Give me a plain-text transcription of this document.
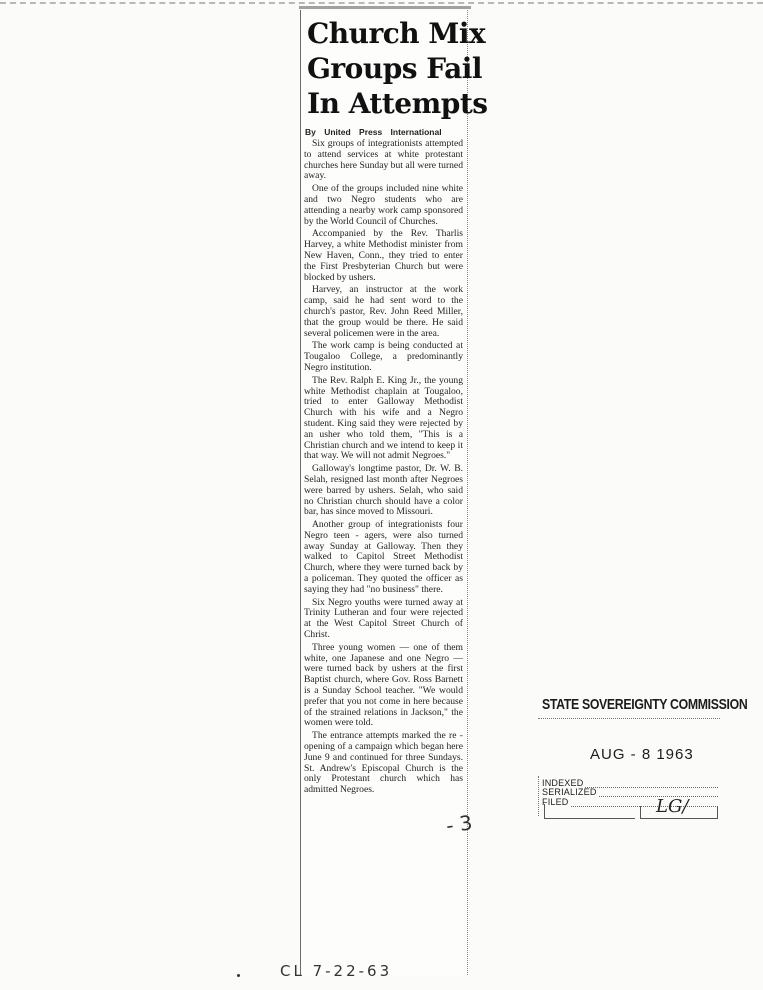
Church Mix
Groups Fail
In Attempts
By United Press International

Six groups of integrationists attempted to attend services at white protestant churches here Sunday but all were turned away.

One of the groups included nine white and two Negro students who are attending a nearby work camp sponsored by the World Council of Churches.

Accompanied by the Rev. Tharlis Harvey, a white Methodist minister from New Haven, Conn., they tried to enter the First Presbyterian Church but were blocked by ushers.

Harvey, an instructor at the work camp, said he had sent word to the church's pastor, Rev. John Reed Miller, that the group would be there. He said several policemen were in the area.

The work camp is being conducted at Tougaloo College, a predominantly Negro institution.

The Rev. Ralph E. King Jr., the young white Methodist chaplain at Tougaloo, tried to enter Galloway Methodist Church with his wife and a Negro student. King said they were rejected by an usher who told them, "This is a Christian church and we intend to keep it that way. We will not admit Negroes."

Galloway's longtime pastor, Dr. W. B. Selah, resigned last month after Negroes were barred by ushers. Selah, who said no Christian church should have a color bar, has since moved to Missouri.

Another group of integrationists four Negro teen - agers, were also turned away Sunday at Galloway. Then they walked to Capitol Street Methodist Church, where they were turned back by a policeman. They quoted the officer as saying they had "no business" there.

Six Negro youths were turned away at Trinity Lutheran and four were rejected at the West Capitol Street Church of Christ.

Three young women — one of them white, one Japanese and one Negro — were turned back by ushers at the first Baptist church, where Gov. Ross Barnett is a Sunday School teacher. "We would prefer that you not come in here because of the strained relations in Jackson," the women were told.

The entrance attempts marked the re - opening of a campaign which began here June 9 and continued for three Sundays. St. Andrew's Episcopal Church is the only Protestant church which has admitted Negroes.

- 3
CL 7-22-63
STATE SOVEREIGNTY COMMISSION
AUG - 8 1963
INDEXED
SERIALIZED
FILED	LG/
